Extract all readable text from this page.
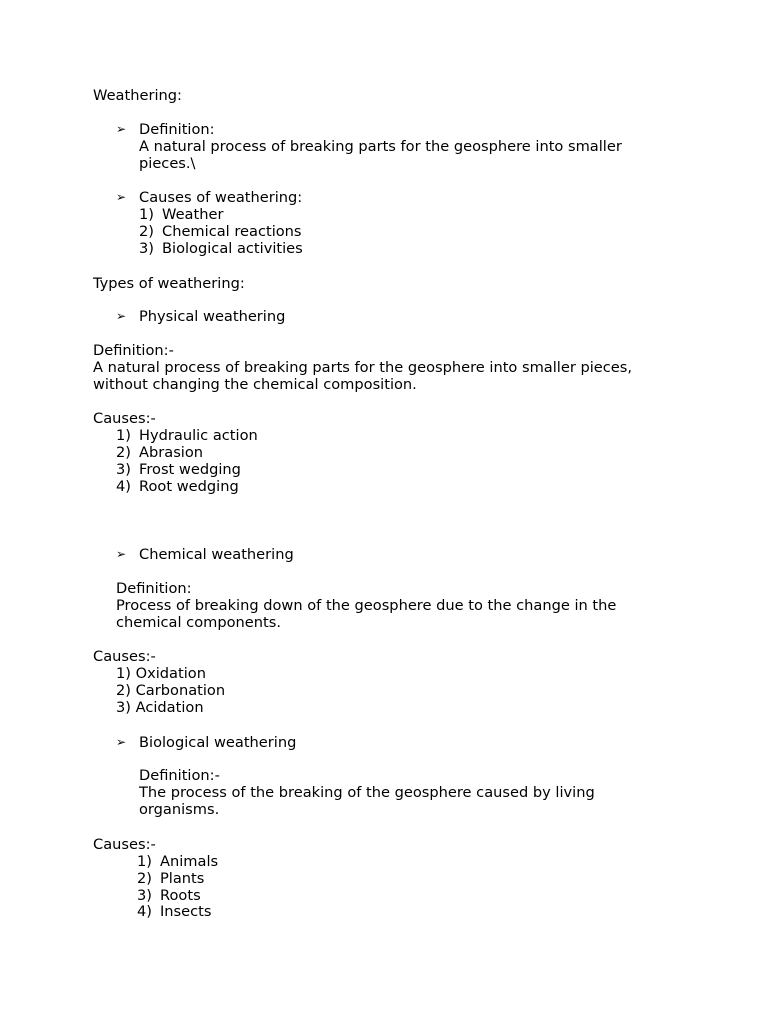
Weathering:
➢ Definition:
A natural process of breaking parts for the geosphere into smaller
pieces.\
➢ Causes of weathering:
1) Weather
2) Chemical reactions
3) Biological activities
Types of weathering:
➢ Physical weathering
Definition:-
A natural process of breaking parts for the geosphere into smaller pieces,
without changing the chemical composition.
Causes:-
1) Hydraulic action
2) Abrasion
3) Frost wedging
4) Root wedging
➢ Chemical weathering
Definition:
Process of breaking down of the geosphere due to the change in the
chemical components.
Causes:-
1) Oxidation
2) Carbonation
3) Acidation
➢ Biological weathering
Definition:-
The process of the breaking of the geosphere caused by living
organisms.
Causes:-
1) Animals
2) Plants
3) Roots
4) Insects
